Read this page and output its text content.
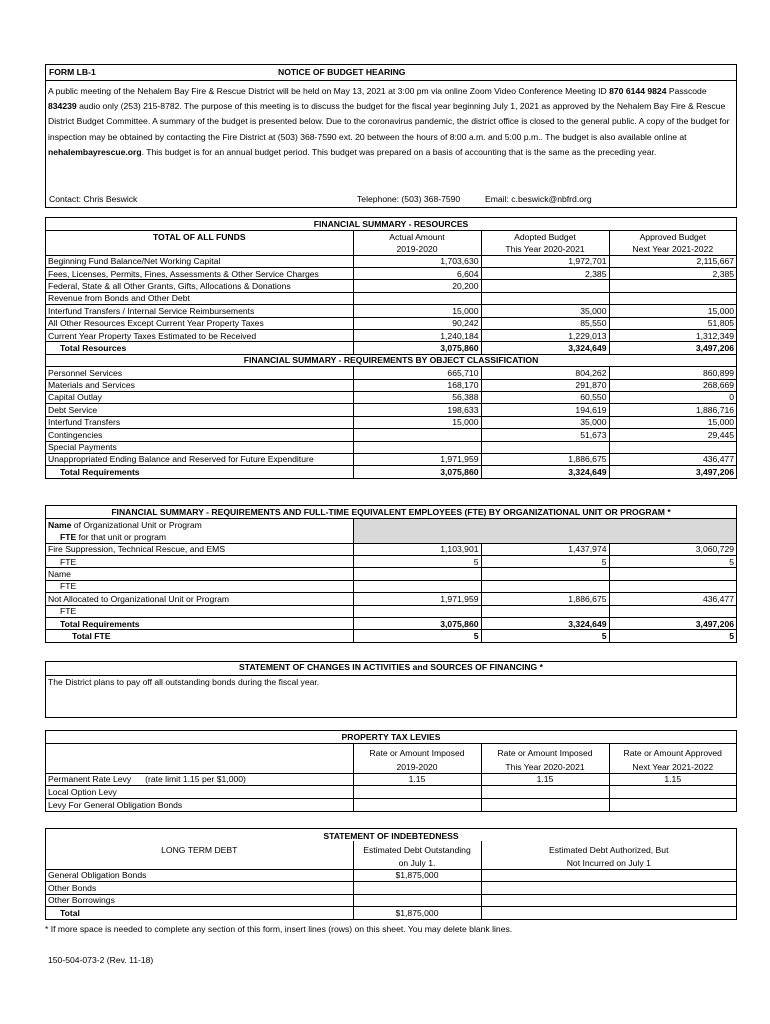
FORM LB-1	NOTICE OF BUDGET HEARING
A public meeting of the Nehalem Bay Fire & Rescue District will be held on May 13, 2021 at 3:00 pm via online Zoom Video Conference Meeting ID 870 6144 9824 Passcode 834239 audio only (253) 215-8782. The purpose of this meeting is to discuss the budget for the fiscal year beginning July 1, 2021 as approved by the Nehalem Bay Fire & Rescue District Budget Committee. A summary of the budget is presented below. Due to the coronavirus pandemic, the district office is closed to the general public. A copy of the budget for inspection may be obtained by contacting the Fire District at (503) 368-7590 ext. 20 between the hours of 8:00 a.m. and 5:00 p.m.. The budget is also available online at nehalembayrescue.org. This budget is for an annual budget period. This budget was prepared on a basis of accounting that is the same as the preceding year.
Contact: Chris Beswick	Telephone: (503) 368-7590	Email: c.beswick@nbfrd.org
FINANCIAL SUMMARY - RESOURCES			
TOTAL OF ALL FUNDS	Actual Amount	Adopted Budget	Approved Budget
	2019-2020	This Year 2020-2021	Next Year 2021-2022
Beginning Fund Balance/Net Working Capital	1,703,630	1,972,701	2,115,667
Fees, Licenses, Permits, Fines, Assessments & Other Service Charges	6,604	2,385	2,385
Federal, State & all Other Grants, Gifts, Allocations & Donations	20,200		
Revenue from Bonds and Other Debt			
Interfund Transfers / Internal Service Reimbursements	15,000	35,000	15,000
All Other Resources Except Current Year Property Taxes	90,242	85,550	51,805
Current Year Property Taxes Estimated to be Received	1,240,184	1,229,013	1,312,349
Total Resources	3,075,860	3,324,649	3,497,206
FINANCIAL SUMMARY - REQUIREMENTS BY OBJECT CLASSIFICATION			
Personnel Services	665,710	804,262	860,899
Materials and Services	168,170	291,870	268,669
Capital Outlay	56,388	60,550	0
Debt Service	198,633	194,619	1,886,716
Interfund Transfers	15,000	35,000	15,000
Contingencies		51,673	29,445
Special Payments			
Unappropriated Ending Balance and Reserved for Future Expenditure	1,971,959	1,886,675	436,477
Total Requirements	3,075,860	3,324,649	3,497,206
FINANCIAL SUMMARY - REQUIREMENTS AND FULL-TIME EQUIVALENT EMPLOYEES (FTE) BY ORGANIZATIONAL UNIT OR PROGRAM *			
Name of Organizational Unit or Program			
FTE for that unit or program			
Fire Suppression, Technical Rescue, and EMS	1,103,901	1,437,974	3,060,729
FTE	5	5	5
Name			
FTE			
Not Allocated to Organizational Unit or Program	1,971,959	1,886,675	436,477
FTE			
Total Requirements	3,075,860	3,324,649	3,497,206
Total FTE	5	5	5
STATEMENT OF CHANGES IN ACTIVITIES and SOURCES OF FINANCING *
The District plans to pay off all outstanding bonds during the fiscal year.
PROPERTY TAX LEVIES			
	Rate or Amount Imposed	Rate or Amount Imposed	Rate or Amount Approved
	2019-2020	This Year 2020-2021	Next Year 2021-2022
Permanent Rate Levy (rate limit 1.15 per $1,000)	1.15	1.15	1.15
Local Option Levy			
Levy For General Obligation Bonds			
STATEMENT OF INDEBTEDNESS		
LONG TERM DEBT	Estimated Debt Outstanding	Estimated Debt Authorized, But
	on July 1.	Not Incurred on July 1
General Obligation Bonds	$1,875,000	
Other Bonds		
Other Borrowings		
Total	$1,875,000	
* If more space is needed to complete any section of this form, insert lines (rows) on this sheet. You may delete blank lines.
150-504-073-2 (Rev. 11-18)
